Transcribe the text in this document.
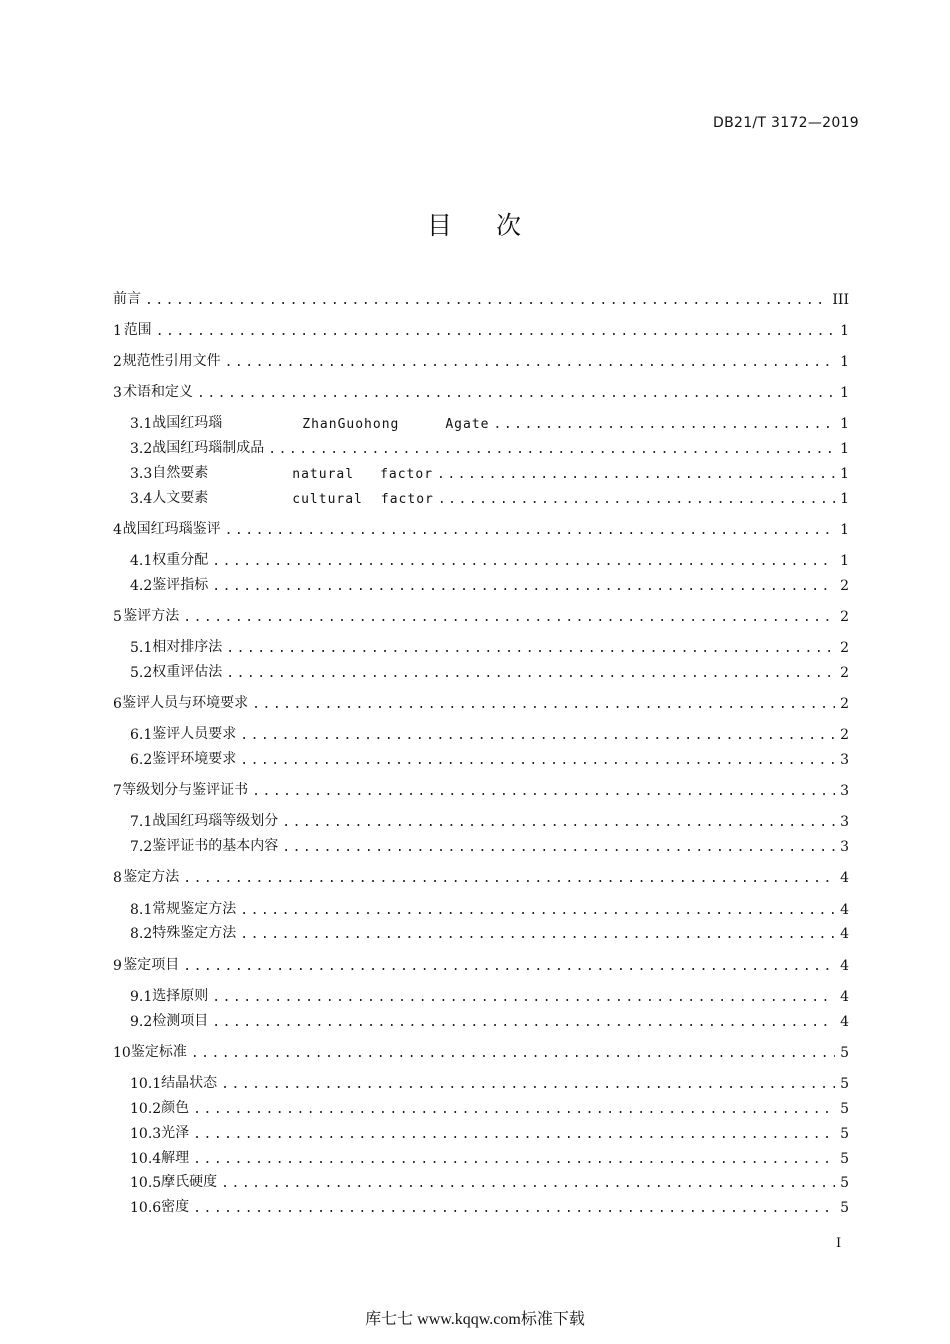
DB21/T 3172—2019
目 次
前言 .....	III
1 范围 .....	1
2 规范性引用文件 .....	1
3 术语和定义 .....	1
3.1 战国红玛瑙	ZhanGuohong	Agate .....	1
3.2 战国红玛瑙制成品 .....	1
3.3 自然要素	natural factor .....	1
3.4 人文要素	cultural factor .....	1
4 战国红玛瑙鉴评 .....	1
4.1 权重分配 .....	1
4.2 鉴评指标 .....	2
5 鉴评方法 .....	2
5.1 相对排序法 .....	2
5.2 权重评估法 .....	2
6 鉴评人员与环境要求 .....	2
6.1 鉴评人员要求 .....	2
6.2 鉴评环境要求 .....	3
7 等级划分与鉴评证书 .....	3
7.1 战国红玛瑙等级划分 .....	3
7.2 鉴评证书的基本内容 .....	3
8 鉴定方法 .....	4
8.1 常规鉴定方法 .....	4
8.2 特殊鉴定方法 .....	4
9 鉴定项目 .....	4
9.1 选择原则 .....	4
9.2 检测项目 .....	4
10 鉴定标准 .....	5
10.1 结晶状态 .....	5
10.2 颜色 .....	5
10.3 光泽 .....	5
10.4 解理 .....	5
10.5 摩氏硬度 .....	5
10.6 密度 .....	5
I
库七七 www.kqqw.com标准下载
